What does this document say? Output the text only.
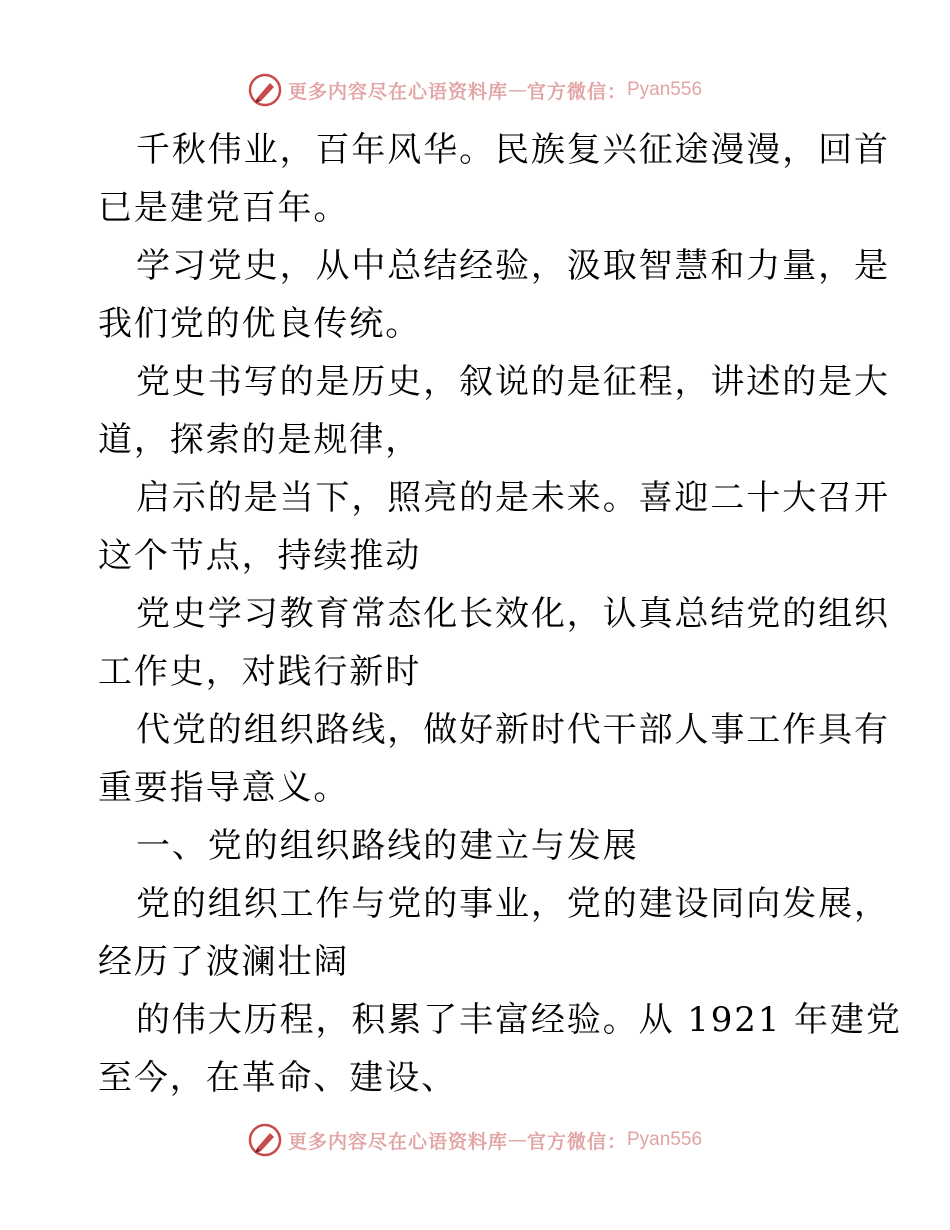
更多内容尽在心语资料库 — 官方微信： Pyan556
千秋伟业，百年风华。民族复兴征途漫漫，回首
已是建党百年。
学习党史，从中总结经验，汲取智慧和力量，是
我们党的优良传统。
党史书写的是历史，叙说的是征程，讲述的是大
道，探索的是规律，
启示的是当下，照亮的是未来。喜迎二十大召开
这个节点，持续推动
党史学习教育常态化长效化，认真总结党的组织
工作史，对践行新时
代党的组织路线，做好新时代干部人事工作具有
重要指导意义。
一、党的组织路线的建立与发展
党的组织工作与党的事业，党的建设同向发展，
经历了波澜壮阔
的伟大历程，积累了丰富经验。从 1921 年建党
至今，在革命、建设、
更多内容尽在心语资料库 — 官方微信： Pyan556
